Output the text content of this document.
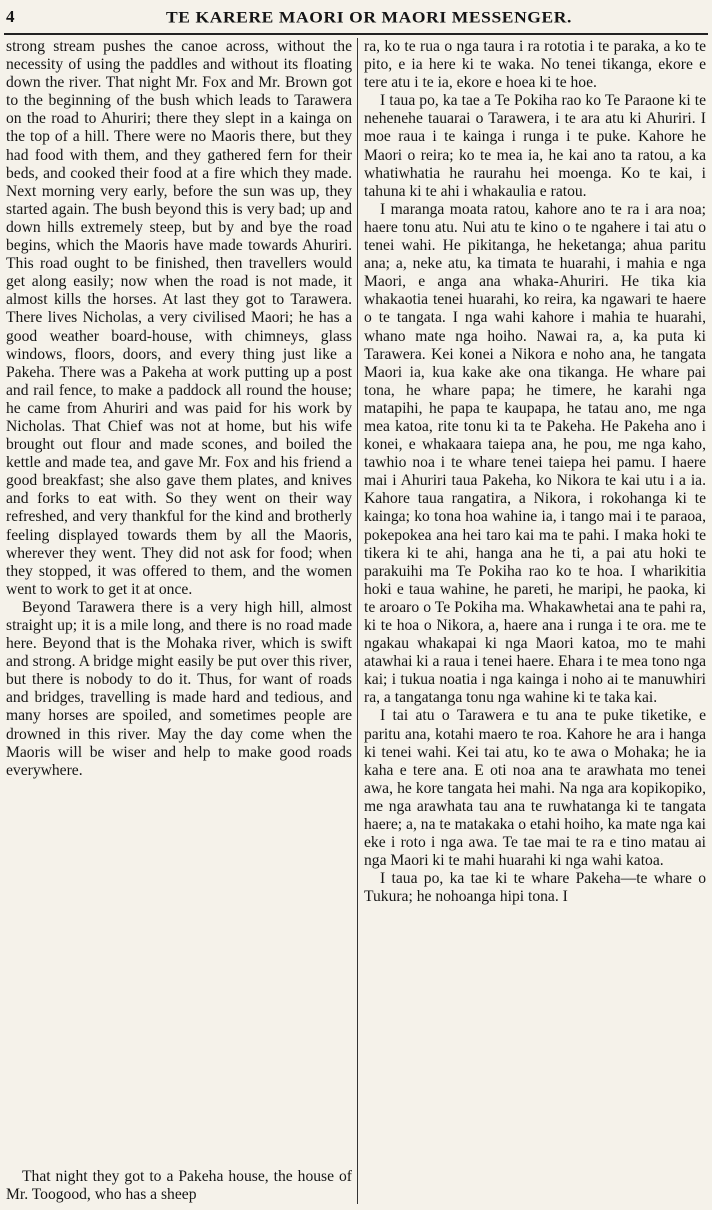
4	TE KARERE MAORI OR MAORI MESSENGER.

strong stream pushes the canoe across, without the necessity of using the paddles and without its floating down the river. That night Mr. Fox and Mr. Brown got to the beginning of the bush which leads to Tarawera on the road to Ahuriri; there they slept in a kainga on the top of a hill. There were no Maoris there, but they had food with them, and they gathered fern for their beds, and cooked their food at a fire which they made. Next morning very early, before the sun was up, they started again. The bush beyond this is very bad; up and down hills extremely steep, but by and bye the road begins, which the Maoris have made towards Ahuriri. This road ought to be finished, then travellers would get along easily; now when the road is not made, it almost kills the horses. At last they got to Tarawera. There lives Nicholas, a very civilised Maori; he has a good weather board-house, with chimneys, glass windows, floors, doors, and every thing just like a Pakeha. There was a Pakeha at work putting up a post and rail fence, to make a paddock all round the house; he came from Ahuriri and was paid for his work by Nicholas. That Chief was not at home, but his wife brought out flour and made scones, and boiled the kettle and made tea, and gave Mr. Fox and his friend a good breakfast; she also gave them plates, and knives and forks to eat with. So they went on their way refreshed, and very thankful for the kind and brotherly feeling displayed towards them by all the Maoris, wherever they went. They did not ask for food; when they stopped, it was offered to them, and the women went to work to get it at once.

Beyond Tarawera there is a very high hill, almost straight up; it is a mile long, and there is no road made here. Beyond that is the Mohaka river, which is swift and strong. A bridge might easily be put over this river, but there is nobody to do it. Thus, for want of roads and bridges, travelling is made hard and tedious, and many horses are spoiled, and sometimes people are drowned in this river. May the day come when the Maoris will be wiser and help to make good roads everywhere.

That night they got to a Pakeha house, the house of Mr. Toogood, who has a sheep

ra, ko te rua o nga taura i ra rototia i te paraka, a ko te pito, e ia here ki te waka. No tenei tikanga, ekore e tere atu i te ia, ekore e hoea ki te hoe.

I taua po, ka tae a Te Pokiha rao ko Te Paraone ki te nehenehe tauarai o Tarawera, i te ara atu ki Ahuriri. I moe raua i te kainga i runga i te puke. Kahore he Maori o reira; ko te mea ia, he kai ano ta ratou, a ka whatiwhatia he raurahu hei moenga. Ko te kai, i tahuna ki te ahi i whakaulia e ratou.

I maranga moata ratou, kahore ano te ra i ara noa; haere tonu atu. Nui atu te kino o te ngahere i tai atu o tenei wahi. He pikitanga, he heketanga; ahua paritu ana; a, neke atu, ka timata te huarahi, i mahia e nga Maori, e anga ana whaka-Ahuriri. He tika kia whakaotia tenei huarahi, ko reira, ka ngawari te haere o te tangata. I nga wahi kahore i mahia te huarahi, whano mate nga hoiho. Nawai ra, a, ka puta ki Tarawera. Kei konei a Nikora e noho ana, he tangata Maori ia, kua kake ake ona tikanga. He whare pai tona, he whare papa; he timere, he karahi nga matapihi, he papa te kaupapa, he tatau ano, me nga mea katoa, rite tonu ki ta te Pakeha. He Pakeha ano i konei, e whakaara taiepa ana, he pou, me nga kaho, tawhio noa i te whare tenei taiepa hei pamu. I haere mai i Ahuriri taua Pakeha, ko Nikora te kai utu i a ia. Kahore taua rangatira, a Nikora, i rokohanga ki te kainga; ko tona hoa wahine ia, i tango mai i te paraoa, pokepokea ana hei taro kai ma te pahi. I maka hoki te tikera ki te ahi, hanga ana he ti, a pai atu hoki te parakuihi ma Te Pokiha rao ko te hoa. I wharikitia hoki e taua wahine, he pareti, he maripi, he paoka, ki te aroaro o Te Pokiha ma. Whakawhetai ana te pahi ra, ki te hoa o Nikora, a, haere ana i runga i te ora. me te ngakau whakapai ki nga Maori katoa, mo te mahi atawhai ki a raua i tenei haere. Ehara i te mea tono nga kai; i tukua noatia i nga kainga i noho ai te manuwhiri ra, a tangatanga tonu nga wahine ki te taka kai.

I tai atu o Tarawera e tu ana te puke tiketike, e paritu ana, kotahi maero te roa. Kahore he ara i hanga ki tenei wahi. Kei tai atu, ko te awa o Mohaka; he ia kaha e tere ana. E oti noa ana te arawhata mo tenei awa, he kore tangata hei mahi. Na nga ara kopikopiko, me nga arawhata tau ana te ruwhatanga ki te tangata haere; a, na te matakaka o etahi hoiho, ka mate nga kai eke i roto i nga awa. Te tae mai te ra e tino matau ai nga Maori ki te mahi huarahi ki nga wahi katoa.

I taua po, ka tae ki te whare Pakeha—te whare o Tukura; he nohoanga hipi tona. I
